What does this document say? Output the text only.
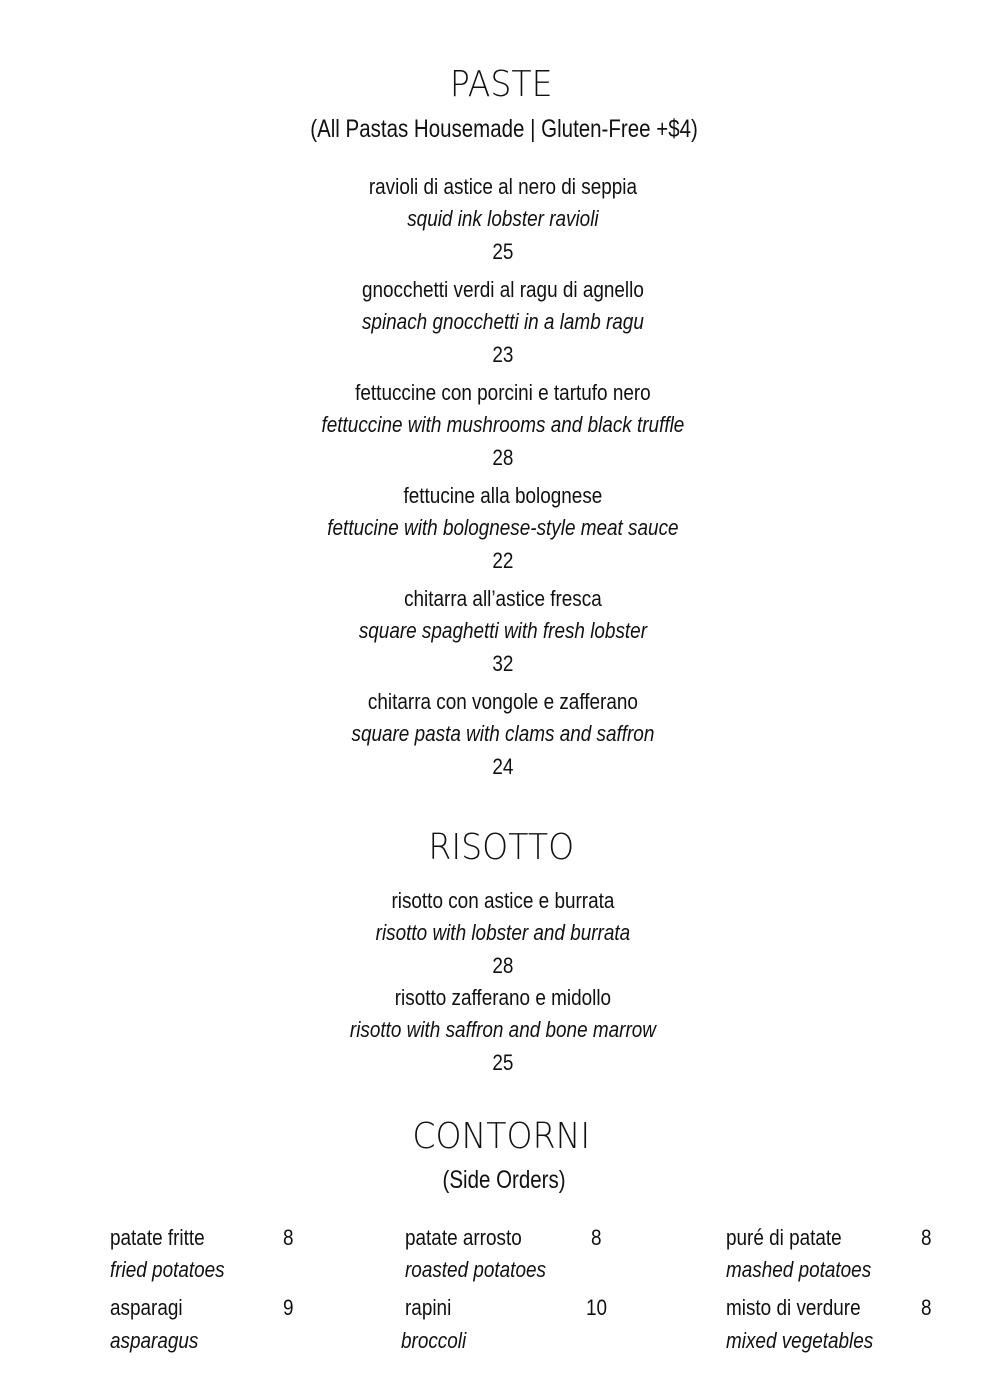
PASTE
(All Pastas Housemade | Gluten-Free +$4)
ravioli di astice al nero di seppia
squid ink lobster ravioli
25
gnocchetti verdi al ragu di agnello
spinach gnocchetti in a lamb ragu
23
fettuccine con porcini e tartufo nero
fettuccine with mushrooms and black truffle
28
fettucine alla bolognese
fettucine with bolognese-style meat sauce
22
chitarra all’astice fresca
square spaghetti with fresh lobster
32
chitarra con vongole e zafferano
square pasta with clams and saffron
24
RISOTTO
risotto con astice e burrata
risotto with lobster and burrata
28
risotto zafferano e midollo
risotto with saffron and bone marrow
25
CONTORNI
(Side Orders)
patate fritte	8
fried potatoes
patate arrosto	8
roasted potatoes
puré di patate	8
mashed potatoes
asparagi	9
asparagus
rapini	10
broccoli
misto di verdure	8
mixed vegetables
